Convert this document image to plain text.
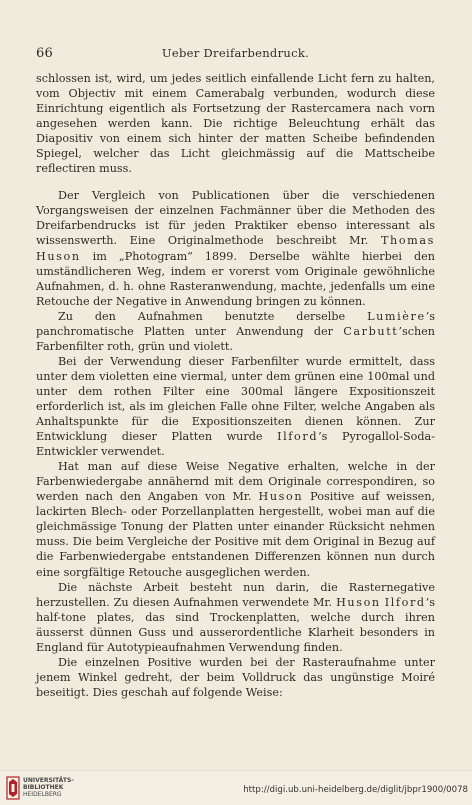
66	Ueber Dreifarbendruck.

schlossen ist, wird, um jedes seitlich einfallende Licht fern zu halten, vom Objectiv mit einem Camerabalg verbunden, wodurch diese Einrichtung eigentlich als Fortsetzung der Rastercamera nach vorn angesehen werden kann. Die richtige Beleuchtung erhält das Diapositiv von einem sich hinter der matten Scheibe befindenden Spiegel, welcher das Licht gleichmässig auf die Mattscheibe reflectiren muss.

Der Vergleich von Publicationen über die verschiedenen Vorgangsweisen der einzelnen Fachmänner über die Methoden des Dreifarbendrucks ist für jeden Praktiker ebenso interessant als wissenswerth. Eine Originalmethode beschreibt Mr. Thomas Huson im „Photogram“ 1899. Derselbe wählte hierbei den umständlicheren Weg, indem er vorerst vom Originale gewöhnliche Aufnahmen, d. h. ohne Rasteranwendung, machte, jedenfalls um eine Retouche der Negative in Anwendung bringen zu können.

Zu den Aufnahmen benutzte derselbe Lumière’s panchromatische Platten unter Anwendung der Carbutt’schen Farbenfilter roth, grün und violett.

Bei der Verwendung dieser Farbenfilter wurde ermittelt, dass unter dem violetten eine viermal, unter dem grünen eine 100mal und unter dem rothen Filter eine 300mal längere Expositionszeit erforderlich ist, als im gleichen Falle ohne Filter, welche Angaben als Anhaltspunkte für die Expositionszeiten dienen können. Zur Entwicklung dieser Platten wurde Ilford’s Pyrogallol-Soda-Entwickler verwendet.

Hat man auf diese Weise Negative erhalten, welche in der Farbenwiedergabe annähernd mit dem Originale correspondiren, so werden nach den Angaben von Mr. Huson Positive auf weissen, lackirten Blech- oder Porzellanplatten hergestellt, wobei man auf die gleichmässige Tonung der Platten unter einander Rücksicht nehmen muss. Die beim Vergleiche der Positive mit dem Original in Bezug auf die Farbenwiedergabe entstandenen Differenzen können nun durch eine sorgfältige Retouche ausgeglichen werden.

Die nächste Arbeit besteht nun darin, die Rasternegative herzustellen. Zu diesen Aufnahmen verwendete Mr. Huson Ilford’s half-tone plates, das sind Trockenplatten, welche durch ihren äusserst dünnen Guss und ausserordentliche Klarheit besonders in England für Autotypieaufnahmen Verwendung finden.

Die einzelnen Positive wurden bei der Rasteraufnahme unter jenem Winkel gedreht, der beim Volldruck das ungünstige Moiré beseitigt. Dies geschah auf folgende Weise:

UNIVERSITÄTS-
BIBLIOTHEK
HEIDELBERG	http://digi.ub.uni-heidelberg.de/diglit/jbpr1900/0078
